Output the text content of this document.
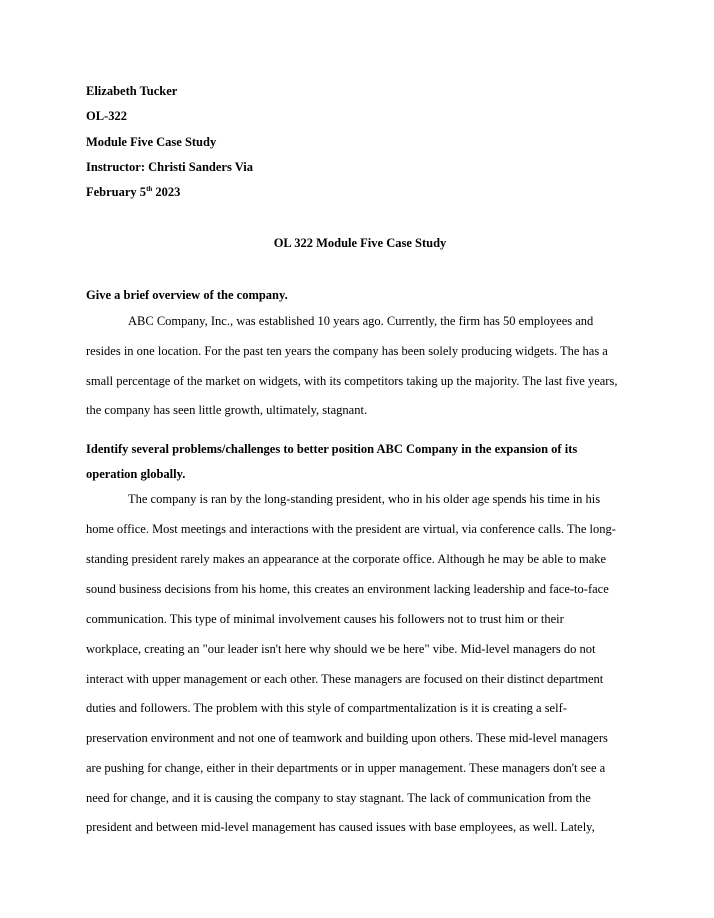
Elizabeth Tucker
OL-322
Module Five Case Study
Instructor: Christi Sanders Via
February 5th 2023
OL 322 Module Five Case Study
Give a brief overview of the company.
ABC Company, Inc., was established 10 years ago. Currently, the firm has 50 employees and
resides in one location. For the past ten years the company has been solely producing widgets. The has a
small percentage of the market on widgets, with its competitors taking up the majority. The last five years,
the company has seen little growth, ultimately, stagnant.
Identify several problems/challenges to better position ABC Company in the expansion of its
operation globally.
The company is ran by the long-standing president, who in his older age spends his time in his
home office. Most meetings and interactions with the president are virtual, via conference calls. The long-
standing president rarely makes an appearance at the corporate office. Although he may be able to make
sound business decisions from his home, this creates an environment lacking leadership and face-to-face
communication. This type of minimal involvement causes his followers not to trust him or their
workplace, creating an "our leader isn't here why should we be here" vibe. Mid-level managers do not
interact with upper management or each other. These managers are focused on their distinct department
duties and followers. The problem with this style of compartmentalization is it is creating a self-
preservation environment and not one of teamwork and building upon others. These mid-level managers
are pushing for change, either in their departments or in upper management. These managers don't see a
need for change, and it is causing the company to stay stagnant. The lack of communication from the
president and between mid-level management has caused issues with base employees, as well. Lately,
